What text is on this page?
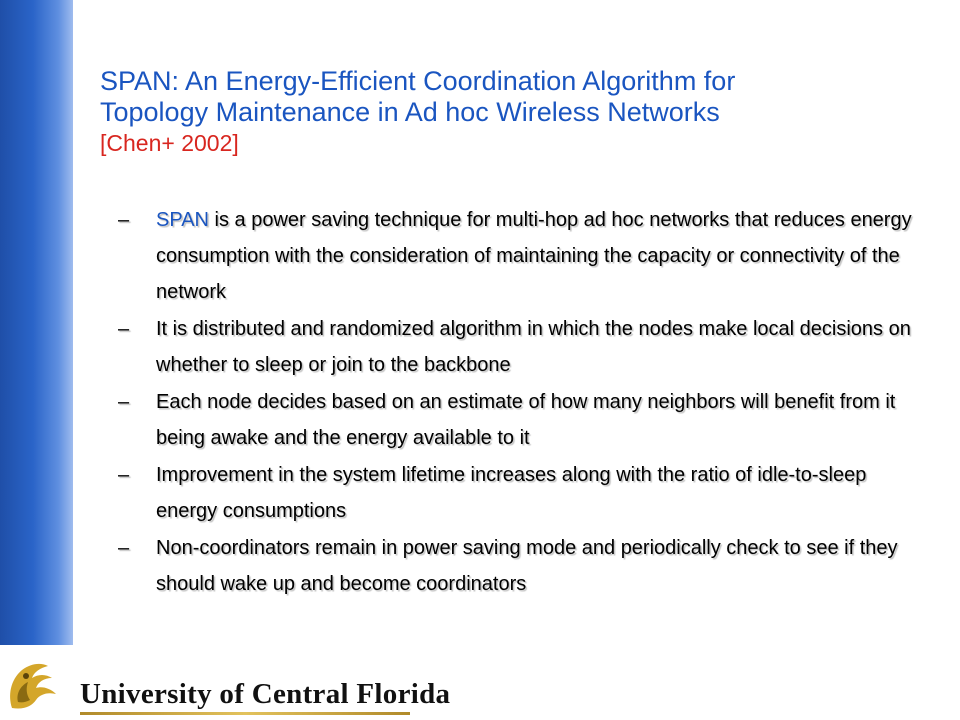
SPAN: An Energy-Efficient Coordination Algorithm for
Topology Maintenance in Ad hoc Wireless Networks
[Chen+ 2002]
– SPAN is a power saving technique for multi-hop ad hoc networks that reduces energy consumption with the consideration of maintaining the capacity or connectivity of the network
– It is distributed and randomized algorithm in which the nodes make local decisions on whether to sleep or join to the backbone
– Each node decides based on an estimate of how many neighbors will benefit from it being awake and the energy available to it
– Improvement in the system lifetime increases along with the ratio of idle-to-sleep energy consumptions
– Non-coordinators remain in power saving mode and periodically check to see if they should wake up and become coordinators
University of Central Florida
